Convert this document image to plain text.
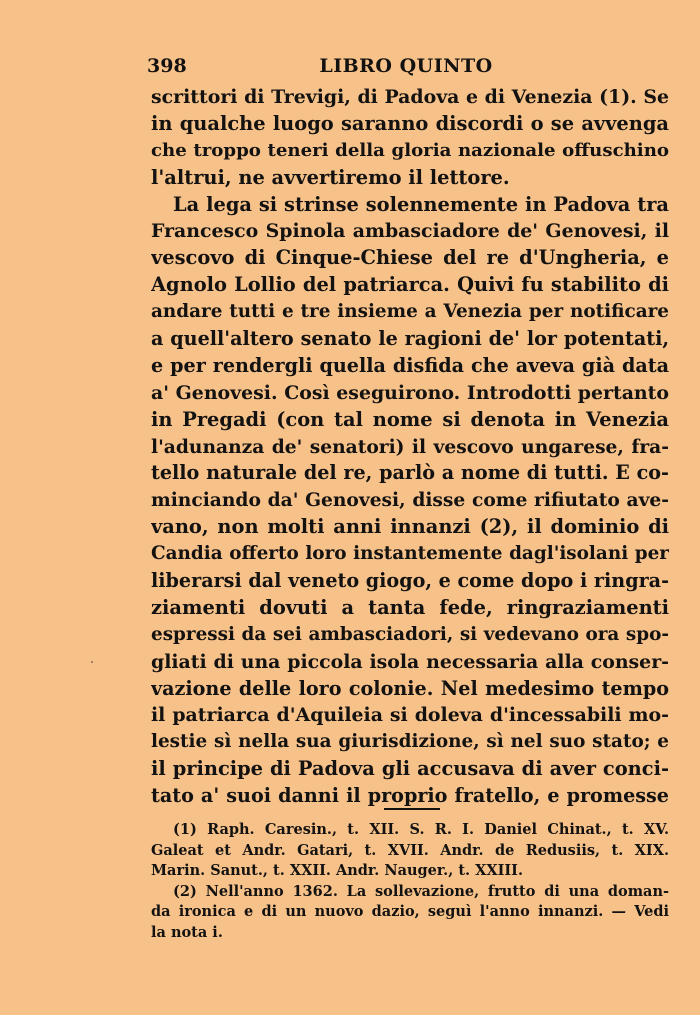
398	LIBRO QUINTO
scrittori di Trevigi, di Padova e di Venezia (1). Se
in qualche luogo saranno discordi o se avvenga
che troppo teneri della gloria nazionale offuschino
l'altrui, ne avvertiremo il lettore.
La lega si strinse solennemente in Padova tra
Francesco Spinola ambasciadore de' Genovesi, il
vescovo di Cinque-Chiese del re d'Ungheria, e
Agnolo Lollio del patriarca. Quivi fu stabilito di
andare tutti e tre insieme a Venezia per notificare
a quell'altero senato le ragioni de' lor potentati,
e per rendergli quella disfida che aveva già data
a' Genovesi. Così eseguirono. Introdotti pertanto
in Pregadi (con tal nome si denota in Venezia
l'adunanza de' senatori) il vescovo ungarese, fra-
tello naturale del re, parlò a nome di tutti. E co-
minciando da' Genovesi, disse come rifiutato ave-
vano, non molti anni innanzi (2), il dominio di
Candia offerto loro instantemente dagl'isolani per
liberarsi dal veneto giogo, e come dopo i ringra-
ziamenti dovuti a tanta fede, ringraziamenti
espressi da sei ambasciadori, si vedevano ora spo-
gliati di una piccola isola necessaria alla conser-
vazione delle loro colonie. Nel medesimo tempo
il patriarca d'Aquileia si doleva d'incessabili mo-
lestie sì nella sua giurisdizione, sì nel suo stato; e
il principe di Padova gli accusava di aver conci-
tato a' suoi danni il proprio fratello, e promesse
(1) Raph. Caresin., t. XII. S. R. I. Daniel Chinat., t. XV.
Galeat et Andr. Gatari, t. XVII. Andr. de Redusiis, t. XIX.
Marin. Sanut., t. XXII. Andr. Nauger., t. XXIII.
(2) Nell'anno 1362. La sollevazione, frutto di una doman-
da ironica e di un nuovo dazio, seguì l'anno innanzi. — Vedi
la nota i.
